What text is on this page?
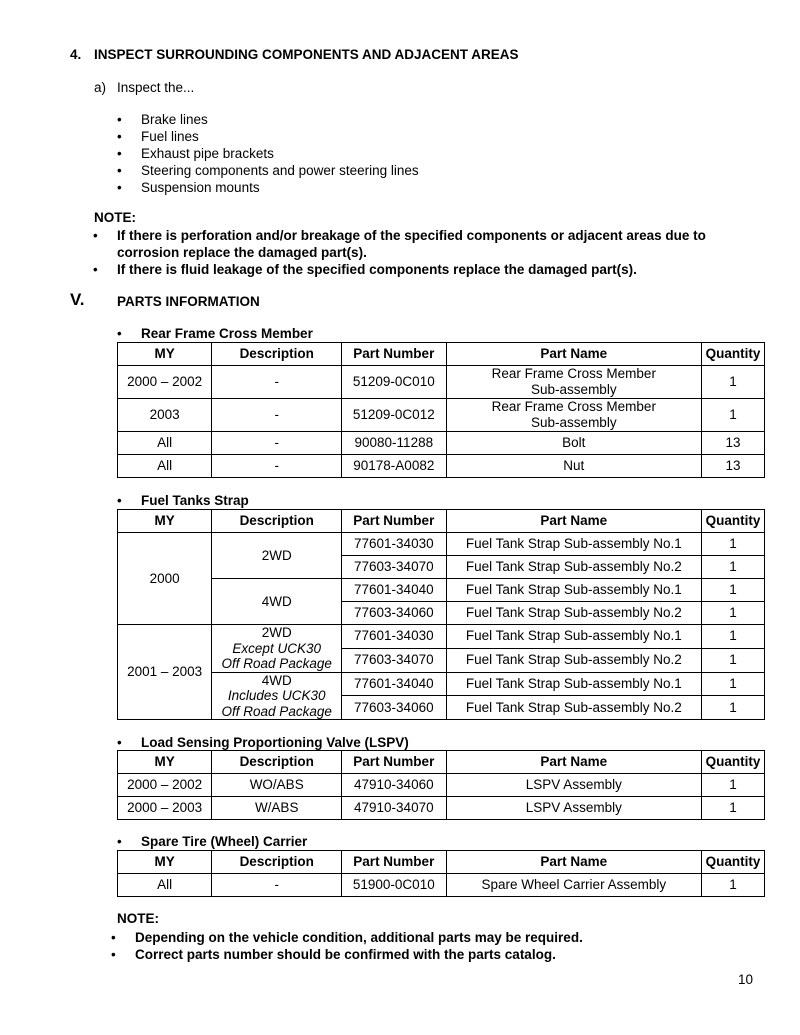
4. INSPECT SURROUNDING COMPONENTS AND ADJACENT AREAS
a) Inspect the...
• Brake lines
• Fuel lines
• Exhaust pipe brackets
• Steering components and power steering lines
• Suspension mounts
NOTE:
• If there is perforation and/or breakage of the specified components or adjacent areas due to
corrosion replace the damaged part(s).
• If there is fluid leakage of the specified components replace the damaged part(s).
V. PARTS INFORMATION
• Rear Frame Cross Member
MY	Description	Part Number	Part Name	Quantity
2000 – 2002	-	51209-0C010	Rear Frame Cross Member
Sub-assembly	1
2003	-	51209-0C012	Rear Frame Cross Member
Sub-assembly	1
All	-	90080-11288	Bolt	13
All	-	90178-A0082	Nut	13
• Fuel Tanks Strap
MY	Description	Part Number	Part Name	Quantity
2000	2WD	77601-34030	Fuel Tank Strap Sub-assembly No.1	1
		77603-34070	Fuel Tank Strap Sub-assembly No.2	1
	4WD	77601-34040	Fuel Tank Strap Sub-assembly No.1	1
		77603-34060	Fuel Tank Strap Sub-assembly No.2	1
2001 – 2003	2WD
Except UCK30
Off Road Package	77601-34030	Fuel Tank Strap Sub-assembly No.1	1
		77603-34070	Fuel Tank Strap Sub-assembly No.2	1
	4WD
Includes UCK30
Off Road Package	77601-34040	Fuel Tank Strap Sub-assembly No.1	1
		77603-34060	Fuel Tank Strap Sub-assembly No.2	1
• Load Sensing Proportioning Valve (LSPV)
MY	Description	Part Number	Part Name	Quantity
2000 – 2002	WO/ABS	47910-34060	LSPV Assembly	1
2000 – 2003	W/ABS	47910-34070	LSPV Assembly	1
• Spare Tire (Wheel) Carrier
MY	Description	Part Number	Part Name	Quantity
All	-	51900-0C010	Spare Wheel Carrier Assembly	1
NOTE:
• Depending on the vehicle condition, additional parts may be required.
• Correct parts number should be confirmed with the parts catalog.
10
